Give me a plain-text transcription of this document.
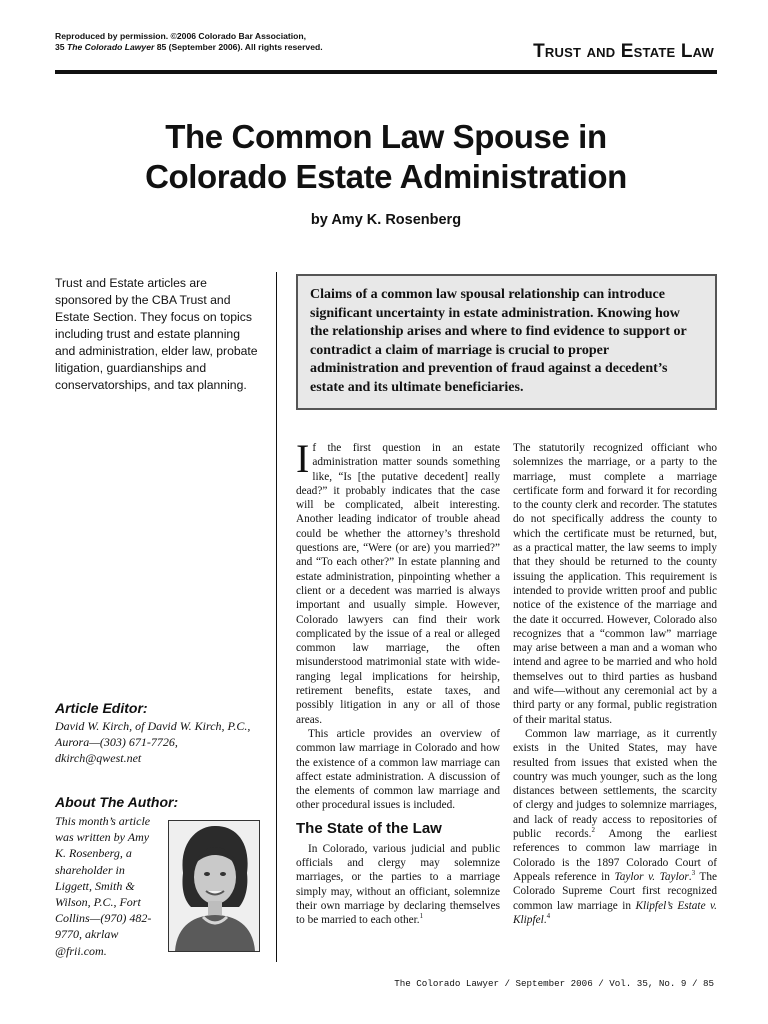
Reproduced by permission. ©2006 Colorado Bar Association,
35 The Colorado Lawyer 85 (September 2006). All rights reserved.	Trust and Estate Law
The Common Law Spouse in
Colorado Estate Administration
by Amy K. Rosenberg
Trust and Estate articles are sponsored by the CBA Trust and Estate Section. They focus on topics including trust and estate planning and administration, elder law, probate litigation, guardianships and conservatorships, and tax planning.
Claims of a common law spousal relationship can introduce significant uncertainty in estate administration. Knowing how the relationship arises and where to find evidence to support or contradict a claim of marriage is crucial to proper administration and prevention of fraud against a decedent’s estate and its ultimate beneficiaries.
Article Editor:
David W. Kirch, of David W. Kirch, P.C., Aurora—(303) 671-7726, dkirch@qwest.net
About The Author:
This month’s article was written by Amy K. Rosenberg, a shareholder in Liggett, Smith & Wilson, P.C., Fort Collins—(970) 482-9770, akrlaw @frii.com.

If the first question in an estate administration matter sounds something like, “Is [the putative decedent] really dead?” it probably indicates that the case will be complicated, albeit interesting. Another leading indicator of trouble ahead could be whether the attorney’s threshold questions are, “Were (or are) you married?” and “To each other?” In estate planning and estate administration, pinpointing whether a client or a decedent was married is always important and usually simple. However, Colorado lawyers can find their work complicated by the issue of a real or alleged common law marriage, the often misunderstood matrimonial state with wide-ranging legal implications for heirship, retirement benefits, estate taxes, and possibly litigation in any or all of those areas.

This article provides an overview of common law marriage in Colorado and how the existence of a common law marriage can affect estate administration. A discussion of the elements of common law marriage and other procedural issues is included.

The State of the Law

In Colorado, various judicial and public officials and clergy may solemnize marriages, or the parties to a marriage simply may, without an officiant, solemnize their own marriage by declaring themselves to be married to each other.$^1$

The statutorily recognized officiant who solemnizes the marriage, or a party to the marriage, must complete a marriage certificate form and forward it for recording to the county clerk and recorder. The statutes do not specifically address the county to which the certificate must be returned, but, as a practical matter, the law seems to imply that they should be returned to the county issuing the application. This requirement is intended to provide written proof and public notice of the existence of the marriage and the date it occurred. However, Colorado also recognizes that a “common law” marriage may arise between a man and a woman who intend and agree to be married and who hold themselves out to third parties as husband and wife—without any ceremonial act by a third party or any formal, public registration of their marital status.

Common law marriage, as it currently exists in the United States, may have resulted from issues that existed when the country was much younger, such as the long distances between settlements, the scarcity of clergy and judges to solemnize marriages, and lack of ready access to repositories of public records.$^2$ Among the earliest references to common law marriage in Colorado is the 1897 Colorado Court of Appeals reference in Taylor v. Taylor.$^3$ The Colorado Supreme Court first recognized common law marriage in Klipfel’s Estate v. Klipfel.$^4$

The Colorado Lawyer / September 2006 / Vol. 35, No. 9 / 85
